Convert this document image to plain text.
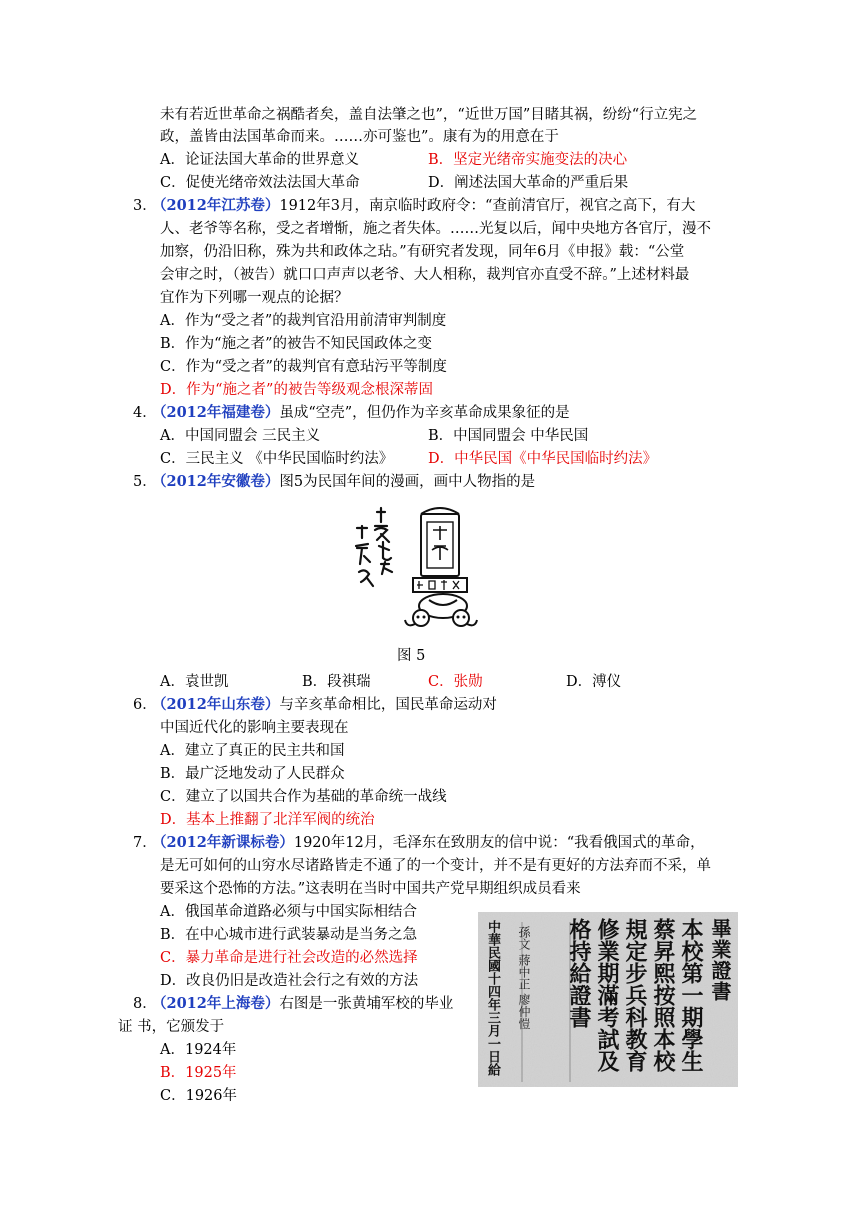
未有若近世革命之祸酷者矣，盖自法肇之也”，“近世万国”目睹其祸，纷纷“行立宪之
政，盖皆由法国革命而来。……亦可鉴也”。康有为的用意在于
A．论证法国大革命的世界意义	B．坚定光绪帝实施变法的决心
C．促使光绪帝效法法国大革命	D．阐述法国大革命的严重后果
3．
（2012年江苏卷）1912年3月，南京临时政府令：“查前清官厅，视官之高下，有大
人、老爷等名称，受之者增惭，施之者失体。……光复以后，闻中央地方各官厅，漫不
加察，仍沿旧称，殊为共和政体之玷。”有研究者发现，同年6月《申报》载：“公堂
会审之时，（被告）就口口声声以老爷、大人相称，裁判官亦直受不辞。”上述材料最
宜作为下列哪一观点的论据？
A．作为“受之者”的裁判官沿用前清审判制度
B．作为“施之者”的被告不知民国政体之变
C．作为“受之者”的裁判官有意玷污平等制度
D．作为“施之者”的被告等级观念根深蒂固
4．
（2012年福建卷）虽成“空壳”，但仍作为辛亥革命成果象征的是
A．中国同盟会 三民主义	B．中国同盟会 中华民国
C．三民主义 《中华民国临时约法》 D．中华民国《中华民国临时约法》
5．
（2012年安徽卷）图5为民国年间的漫画，画中人物指的是
图 5
A．袁世凯	B．段祺瑞	C．张勋	D．溥仪
6．
（2012年山东卷）与辛亥革命相比，国民革命运动对
中国近代化的影响主要表现在
A．建立了真正的民主共和国
B．最广泛地发动了人民群众
C．建立了以国共合作为基础的革命统一战线
D．基本上推翻了北洋军阀的统治
7．
（2012年新课标卷）1920年12月，毛泽东在致朋友的信中说：“我看俄国式的革命，
是无可如何的山穷水尽诸路皆走不通了的一个变计，并不是有更好的方法弃而不采，单
要采这个恐怖的方法。”这表明在当时中国共产党早期组织成员看来
A．俄国革命道路必须与中国实际相结合
B．在中心城市进行武装暴动是当务之急
C．暴力革命是进行社会改造的必然选择
D．改良仍旧是改造社会行之有效的方法
8．
（2012年上海卷）右图是一张黄埔军校的毕业
证 书，它颁发于
A．1924年
B．1925年
C．1926年
畢業證書
本校第一期學生
蔡昇熙按照本校
規定步兵科教育
修業期滿考試及
格持給證書
孫文 蔣中正 廖仲愷
中華民國十四年三月一日給
